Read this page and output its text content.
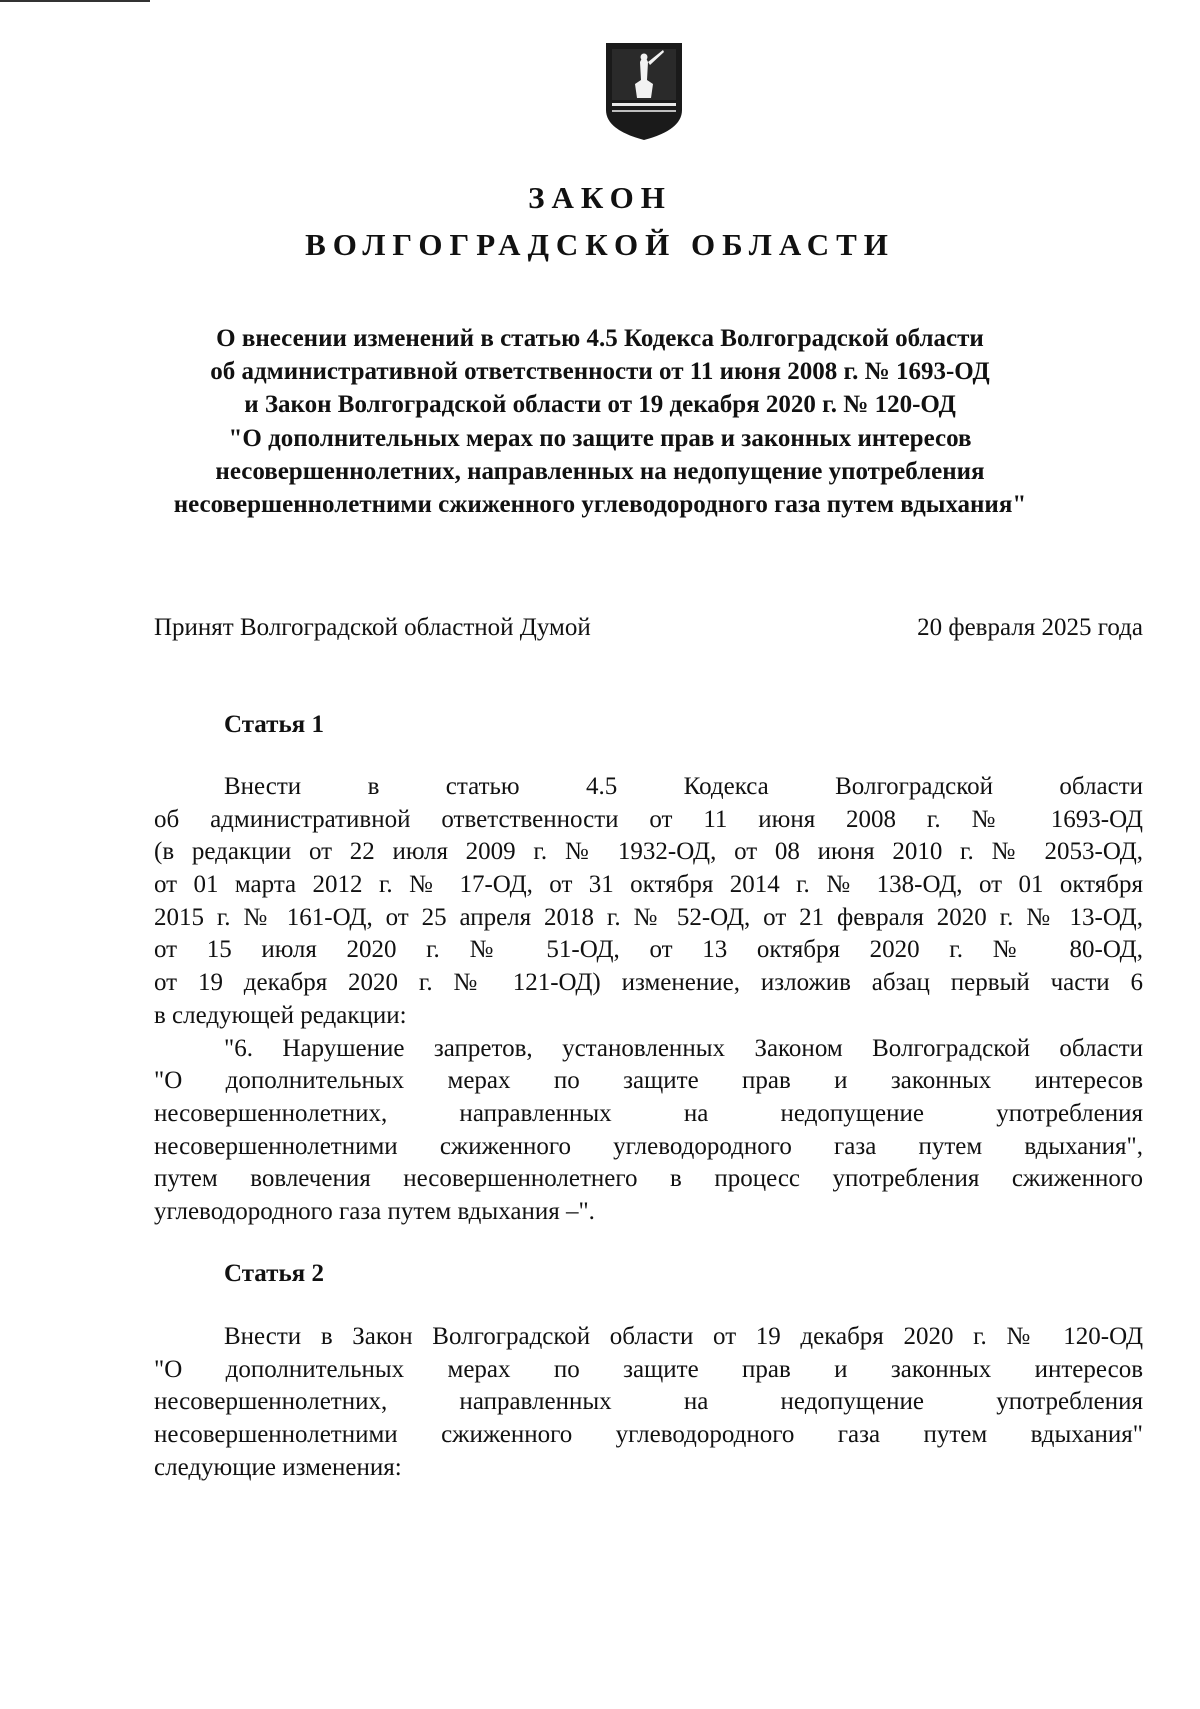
ЗАКОН
ВОЛГОГРАДСКОЙ ОБЛАСТИ
О внесении изменений в статью 4.5 Кодекса Волгоградской области
об административной ответственности от 11 июня 2008 г. № 1693-ОД
и Закон Волгоградской области от 19 декабря 2020 г. № 120-ОД
"О дополнительных мерах по защите прав и законных интересов
несовершеннолетних, направленных на недопущение употребления
несовершеннолетними сжиженного углеводородного газа путем вдыхания"
Принят Волгоградской областной Думой	20 февраля 2025 года
Статья 1
Внести в статью 4.5 Кодекса Волгоградской области
об административной ответственности от 11 июня 2008 г. № 1693-ОД
(в редакции от 22 июля 2009 г. № 1932-ОД, от 08 июня 2010 г. № 2053-ОД,
от 01 марта 2012 г. № 17-ОД, от 31 октября 2014 г. № 138-ОД, от 01 октября
2015 г. № 161-ОД, от 25 апреля 2018 г. № 52-ОД, от 21 февраля 2020 г. № 13-ОД,
от 15 июля 2020 г. № 51-ОД, от 13 октября 2020 г. № 80-ОД,
от 19 декабря 2020 г. № 121-ОД) изменение, изложив абзац первый части 6
в следующей редакции:
"6. Нарушение запретов, установленных Законом Волгоградской области
"О дополнительных мерах по защите прав и законных интересов
несовершеннолетних, направленных на недопущение употребления
несовершеннолетними сжиженного углеводородного газа путем вдыхания",
путем вовлечения несовершеннолетнего в процесс употребления сжиженного
углеводородного газа путем вдыхания –".
Статья 2
Внести в Закон Волгоградской области от 19 декабря 2020 г. № 120-ОД
"О дополнительных мерах по защите прав и законных интересов
несовершеннолетних, направленных на недопущение употребления
несовершеннолетними сжиженного углеводородного газа путем вдыхания"
следующие изменения:
